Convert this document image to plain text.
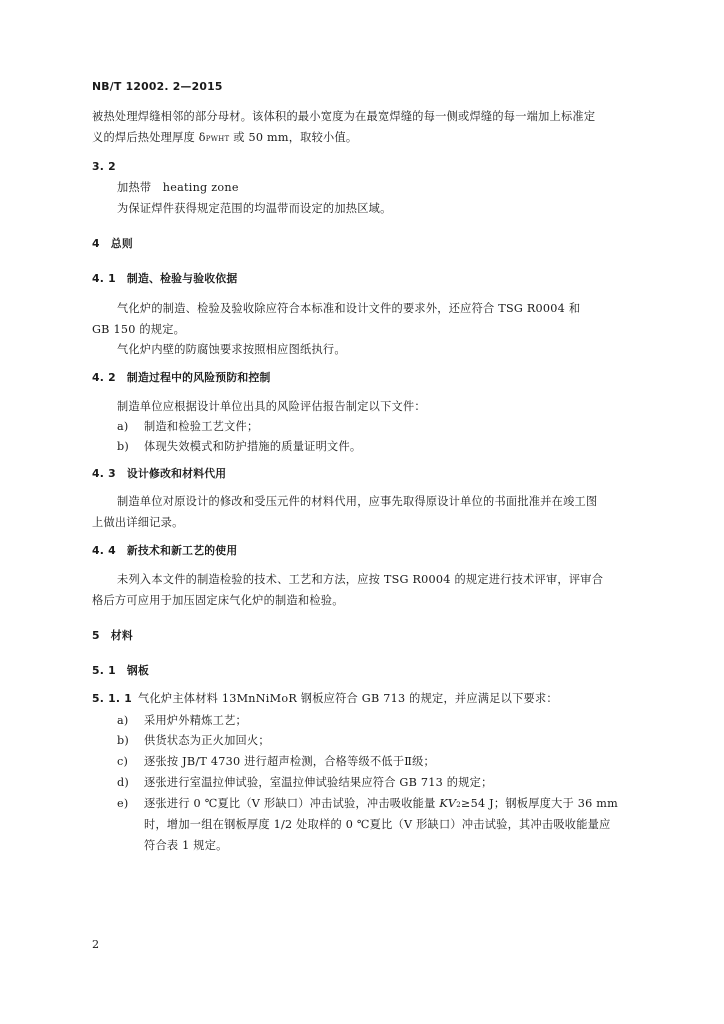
NB/T 12002. 2—2015
被热处理焊缝相邻的部分母材。该体积的最小宽度为在最宽焊缝的每一侧或焊缝的每一端加上标准定
义的焊后热处理厚度 δPWHT 或 50 mm，取较小值。
3. 2
加热带　heating zone
为保证焊件获得规定范围的均温带而设定的加热区域。
4　总则
4. 1　制造、检验与验收依据
气化炉的制造、检验及验收除应符合本标准和设计文件的要求外，还应符合 TSG R0004 和
GB 150 的规定。
气化炉内壁的防腐蚀要求按照相应图纸执行。
4. 2　制造过程中的风险预防和控制
制造单位应根据设计单位出具的风险评估报告制定以下文件：
a) 制造和检验工艺文件；
b) 体现失效模式和防护措施的质量证明文件。
4. 3　设计修改和材料代用
制造单位对原设计的修改和受压元件的材料代用，应事先取得原设计单位的书面批准并在竣工图
上做出详细记录。
4. 4　新技术和新工艺的使用
未列入本文件的制造检验的技术、工艺和方法，应按 TSG R0004 的规定进行技术评审，评审合
格后方可应用于加压固定床气化炉的制造和检验。
5　材料
5. 1　钢板
5. 1. 1 气化炉主体材料 13MnNiMoR 钢板应符合 GB 713 的规定，并应满足以下要求：
a) 采用炉外精炼工艺；
b) 供货状态为正火加回火；
c) 逐张按 JB/T 4730 进行超声检测，合格等级不低于Ⅱ级；
d) 逐张进行室温拉伸试验，室温拉伸试验结果应符合 GB 713 的规定；
e) 逐张进行 0 ℃夏比（V 形缺口）冲击试验，冲击吸收能量 KV2≥54 J；钢板厚度大于 36 mm
时，增加一组在钢板厚度 1/2 处取样的 0 ℃夏比（V 形缺口）冲击试验，其冲击吸收能量应
符合表 1 规定。
2
